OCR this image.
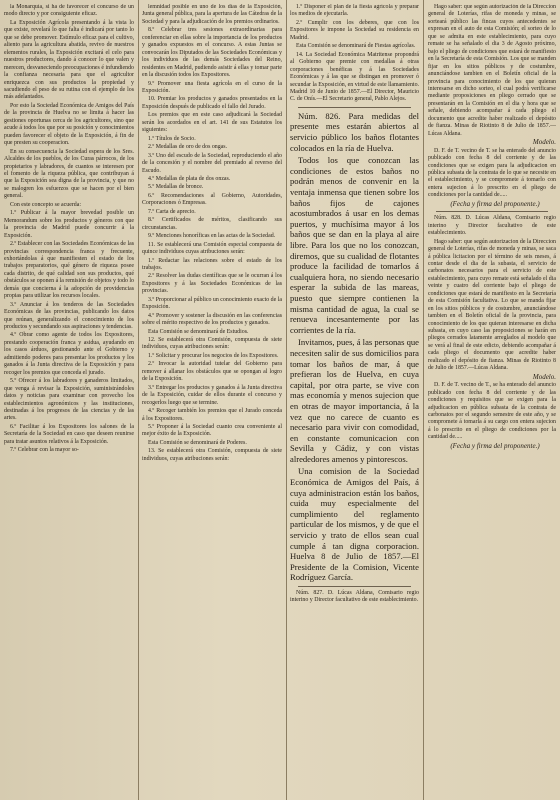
la Monarquía, si ha de favorecer el concurso de un modo directo y por consiguiente eficaz.

La Exposición Agrícola presentando á la vista lo que existe, revelará lo que falta é indicará por tanto lo que se debe promover. Estímulo eficaz para el cultivo, aliento para la agricultura abatida, revivo de nuestros elementos rurales, la Exposición excitará el celo para nuestros productores, dando á conocer lo que valen y merecen, desvaneciendo preocupaciones é infundiendo la confianza necesaria para que el agricultor enriquezca con sus productos la propiedad y sacudiendo el peso de su rutina con el ejemplo de los más adelantados.

Por esto la Sociedad Económica de Amigos del País de la provincia de Huelva no se limita á hacer las gestiones oportunas cerca de los agricultores, sino que acude á todos los que por su posición y conocimientos pueden favorecer el objeto de la Exposición, á fin de que presten su cooperacion.

En su consecuencia la Sociedad espera de los Sres. Alcaldes de los pueblos, de los Curas párrocos, de los propietarios y labradores, de cuantos se interesen por el fomento de la riqueza pública, que contribuyan á que la Exposición sea digna de la provincia, y que no se malogren los esfuerzos que se hacen por el bien general.

Con este concepto se acuerda:

1.º Publicar á la mayor brevedad posible un Memorandum sobre los productos y géneros con que la provincia de Madrid puede concurrir á la Exposición.

2.º Establecer con las Sociedades Económicas de las provincias correspondencia franca y frecuente, exhortándolas á que manifiesten el estado de los trabajos preparatorios, qué género de riqueza posee cada distrito, de qué calidad son sus productos, qué obstáculos se oponen á la remisión de objetos y todo lo demás que concierna á la adopción de providencias propias para utilizar los recursos locales.

3.º Anunciar á los tenderos de las Sociedades Económicas de las provincias, publicando los datos que reúnan, generalizando el conocimiento de los productos y secundando sus aspiraciones y tendencias.

4.º Obrar como agente de todos los Expositores, prestando cooperación franca y asidua, ayudando en los casos árduos, gestionando ante el Gobierno y admitiendo poderes para presentar los productos y los ganados á la Junta directiva de la Exposición y para recoger los premios que conceda el jurado.

5.º Ofrecer á los labradores y ganaderos limitados, que venga á revisar la Exposición, suministrándoles datos y noticias para examinar con provecho los establecimientos agronómicos y las instituciones, destinadas á los progresos de las ciencias y de las artes.

6.º Facilitar á los Expositores los salones de la Secretaría de la Sociedad en caso que deseen reunirse para tratar asuntos relativos á la Exposición.

7.º Celebrar con la mayor so-

lemnidad posible en uno de los días de la Exposición, Junta general pública, para la apertura de las Cátedras de la Sociedad y para la adjudicación de los premios ordinarios.

8.º Celebrar tres sesiones extraordinarias para conferenciar en ellas sobre la importancia de los productos y ganados expuestos en el concurso. A estas Juntas se convocarán los Diputados de las Sociedades Económicas y los individuos de las demás Sociedades del Reino, residentes en Madrid, pudiendo asistir á ellas y tomar parte en la discusión todos los Expositores.

9.º Promover una fiesta agrícola en el curso de la Exposición.

10. Premiar los productos y ganados presentados en la Exposición después de publicado el fallo del Jurado.

Los premios que en este caso adjudicará la Sociedad serán los acordados en el art. 141 de sus Estatutos los siguientes:

1.º Títulos de Socio.

2.º Medallas de oro de dos ongas.

3.º Uno del escudo de la Sociedad, reproduciendo el año de la concesión y el nombre del premiado al reverso del Escudo.

4.º Medallas de plata de dos onzas.

5.º Medallas de bronce.

6.º Recomendaciones al Gobierno, Autoridades, Corporaciones ó Empresas.

7.º Carta de aprecio.

8.º Certificados de méritos, clasificando sus circunstancias.

9.º Menciones honoríficas en las actas de la Sociedad.

11. Se establecerá una Comisión especial compuesta de quince individuos cuyas atribuciones serán:

1.º Redactar las relaciones sobre el estado de los trabajos.

2.º Resolver las dudas científicas que se le ocurran á los Expositores y á las Sociedades Económicas de las provincias.

3.º Proporcionar al público un conocimiento exacto de la Exposición.

4.º Promover y sostener la discusión en las conferencias sobre el mérito respectivo de los productos y ganados.

Esta Comisión se denominará de Estudios.

12. Se establecerá otra Comisión, compuesta de siete individuos, cuyas atribuciones serán:

1.º Solicitar y procurar los negocios de los Expositores.

2.º Invocar la autoridad tutelar del Gobierno para remover á allanar los obstáculos que se opongan al logro de la Exposición.

3.º Entregar los productos y ganados á la Junta directiva de la Exposición, cuidar de ellos durante el concurso y recogerlos luego que se termine.

4.º Recoger también los premios que el Jurado conceda á los Expositores.

5.º Proponer á la Sociedad cuanto crea conveniente al mejor éxito de la Exposición.

Esta Comisión se denominará de Poderes.

13. Se establecerá otra Comisión, compuesta de siete individuos, cuyas atribuciones serán:

1.º Disponer el plan de la fiesta agrícola y preparar los medios de ejecutarla.

2.º Cumplir con los deberes, que con los Expositores le impone la Sociedad su residencia en Madrid.

Esta Comisión se denominará de Fiestas agrícolas.

14. La Sociedad Económica Matritense propondrá al Gobierno que premie con medallas á otras corporaciones benéficas y á las Sociedades Económicas y á las que se distingan en promover ó secundar la Exposición, en virtud de este llamamiento. Madrid 10 de Junio de 1857.—El Director, Mauricio C. de Onís.—El Secretario general, Pablo Alejos.

Núm. 826. Para medidas del presente mes estarán abiertos al servicio público los baños flotantes colocados en la ría de Huelva.

Todos los que conozcan las condiciones de estos baños no podrán menos de convenir en la ventaja inmensa que tienen sobre los baños fijos de cajones acostumbrados á usar en los demas puertos, y muchísima mayor á los baños que se dan en la playa al aire libre. Para los que no los conozcan, diremos, que su cualidad de flotantes produce la facilidad de tomarlos á cualquiera hora, no siendo necesario esperar la subida de las mareas, puesto que siempre contienen la misma cantidad de agua, la cual se renueva incesantemente por las corrientes de la ría.

Invitamos, pues, á las personas que necesiten salir de sus domicilios para tomar los baños de mar, á que prefieran los de Huelva, en cuya capital, por otra parte, se vive con mas economía y menos sujecion que en otras de mayor importancia, á la vez que no carece de cuanto es necesario para vivir con comodidad, en constante comunicacion con Sevilla y Cádiz, y con vistas alrededores amenos y pintorescos.

Una comision de la Sociedad Económica de Amigos del País, á cuya administracion están los baños, cuida muy especialmente del cumplimiento del reglamento particular de los mismos, y de que el servicio y trato de ellos sean cual cumple á tan digna corporacion. Huelva 8 de Julio de 1857.—El Presidente de la Comision, Vicente Rodríguez García.

Núm. 827. D. Lúcas Aldana, Comisario regio interino y Director facultativo de este establecimiento.

Hago saber: que según autorización de la Direccion general de Loterías, rifas de moneda y minas, se sorteará público las fincas cuyos antecedentes se expresan en el auto de esta Comisión; el sorteo de lo que se admita en este establecimiento, para cuyo remate se ha señalado el dia 3 de Agosto próximo, bajo el pliego de condiciones que estará de manifiesto en la Secretaría de esta Comisión. Los que se manden fijar en los sitios públicos y de costumbre, anunciándose tambien en el Boletín oficial de la provincia para conocimiento de los que quieran interesarse en dicho sorteo, el cual podrá verificarse mediante proposiciones en pliego cerrado que se presentarán en la Comisión en el dia y hora que se señale, debiendo acompañar á cada pliego el documento que acredite haber realizado el depósito de fianza. Minas de Riotinto 8 de Julio de 1857.—Lúcas Aldana.

Modelo.

D. F. de T. vecino de T. se ha enterado del anuncio publicado con fecha 8 del corriente y de las condiciones que se exigen para la adjudicacion en pública subasta de la contrata de lo que se necesite en el establecimiento, y se compromete á tomarlo con entera sujecion á lo prescrito en el pliego de condiciones por la cantidad de.....

(Fecha y firma del proponente.)

Núm. 828. D. Lúcas Aldana, Comisario regio interino y Director facultativo de este establecimiento.

Hago saber: que según autorizacion de la Direccion general de Loterías, rifas de moneda y minas, se saca á pública licitacion por el término de seis meses, á contar desde el dia de la subasta, el servicio de carbonatos necesarios para el servicio de este establecimiento, para cuyo remate está señalado el dia veinte y cuatro del corriente bajo el pliego de condiciones que estará de manifiesto en la Secretaría de esta Comisión facultativa. Lo que se manda fijar en los sitios públicos y de costumbre, anunciándose tambien en el Boletín oficial de la provincia, para conocimiento de los que quieran interesarse en dicha subasta, en cuyo caso las proposiciones se harán en pliegos cerrados latamente arreglados al modelo que se verá al final de este edicto, debiendo acompañar á cada pliego el documento que acredite haber realizado el depósito de fianza. Minas de Riotinto 8 de Julio de 1857.—Lúcas Aldana.

Modelo.

D. F. de T. vecino de T., se ha enterado del anuncio publicado con fecha 8 del corriente y de las condiciones y requisitos que se exigen para la adjudicacion en pública subasta de la contrata de carbonatos por el segundo semestre de este año, y se compromete á tomarla á su cargo con entera sujecion á lo prescrito en el pliego de condiciones por la cantidad de.....

(Fecha y firma del proponente.)
